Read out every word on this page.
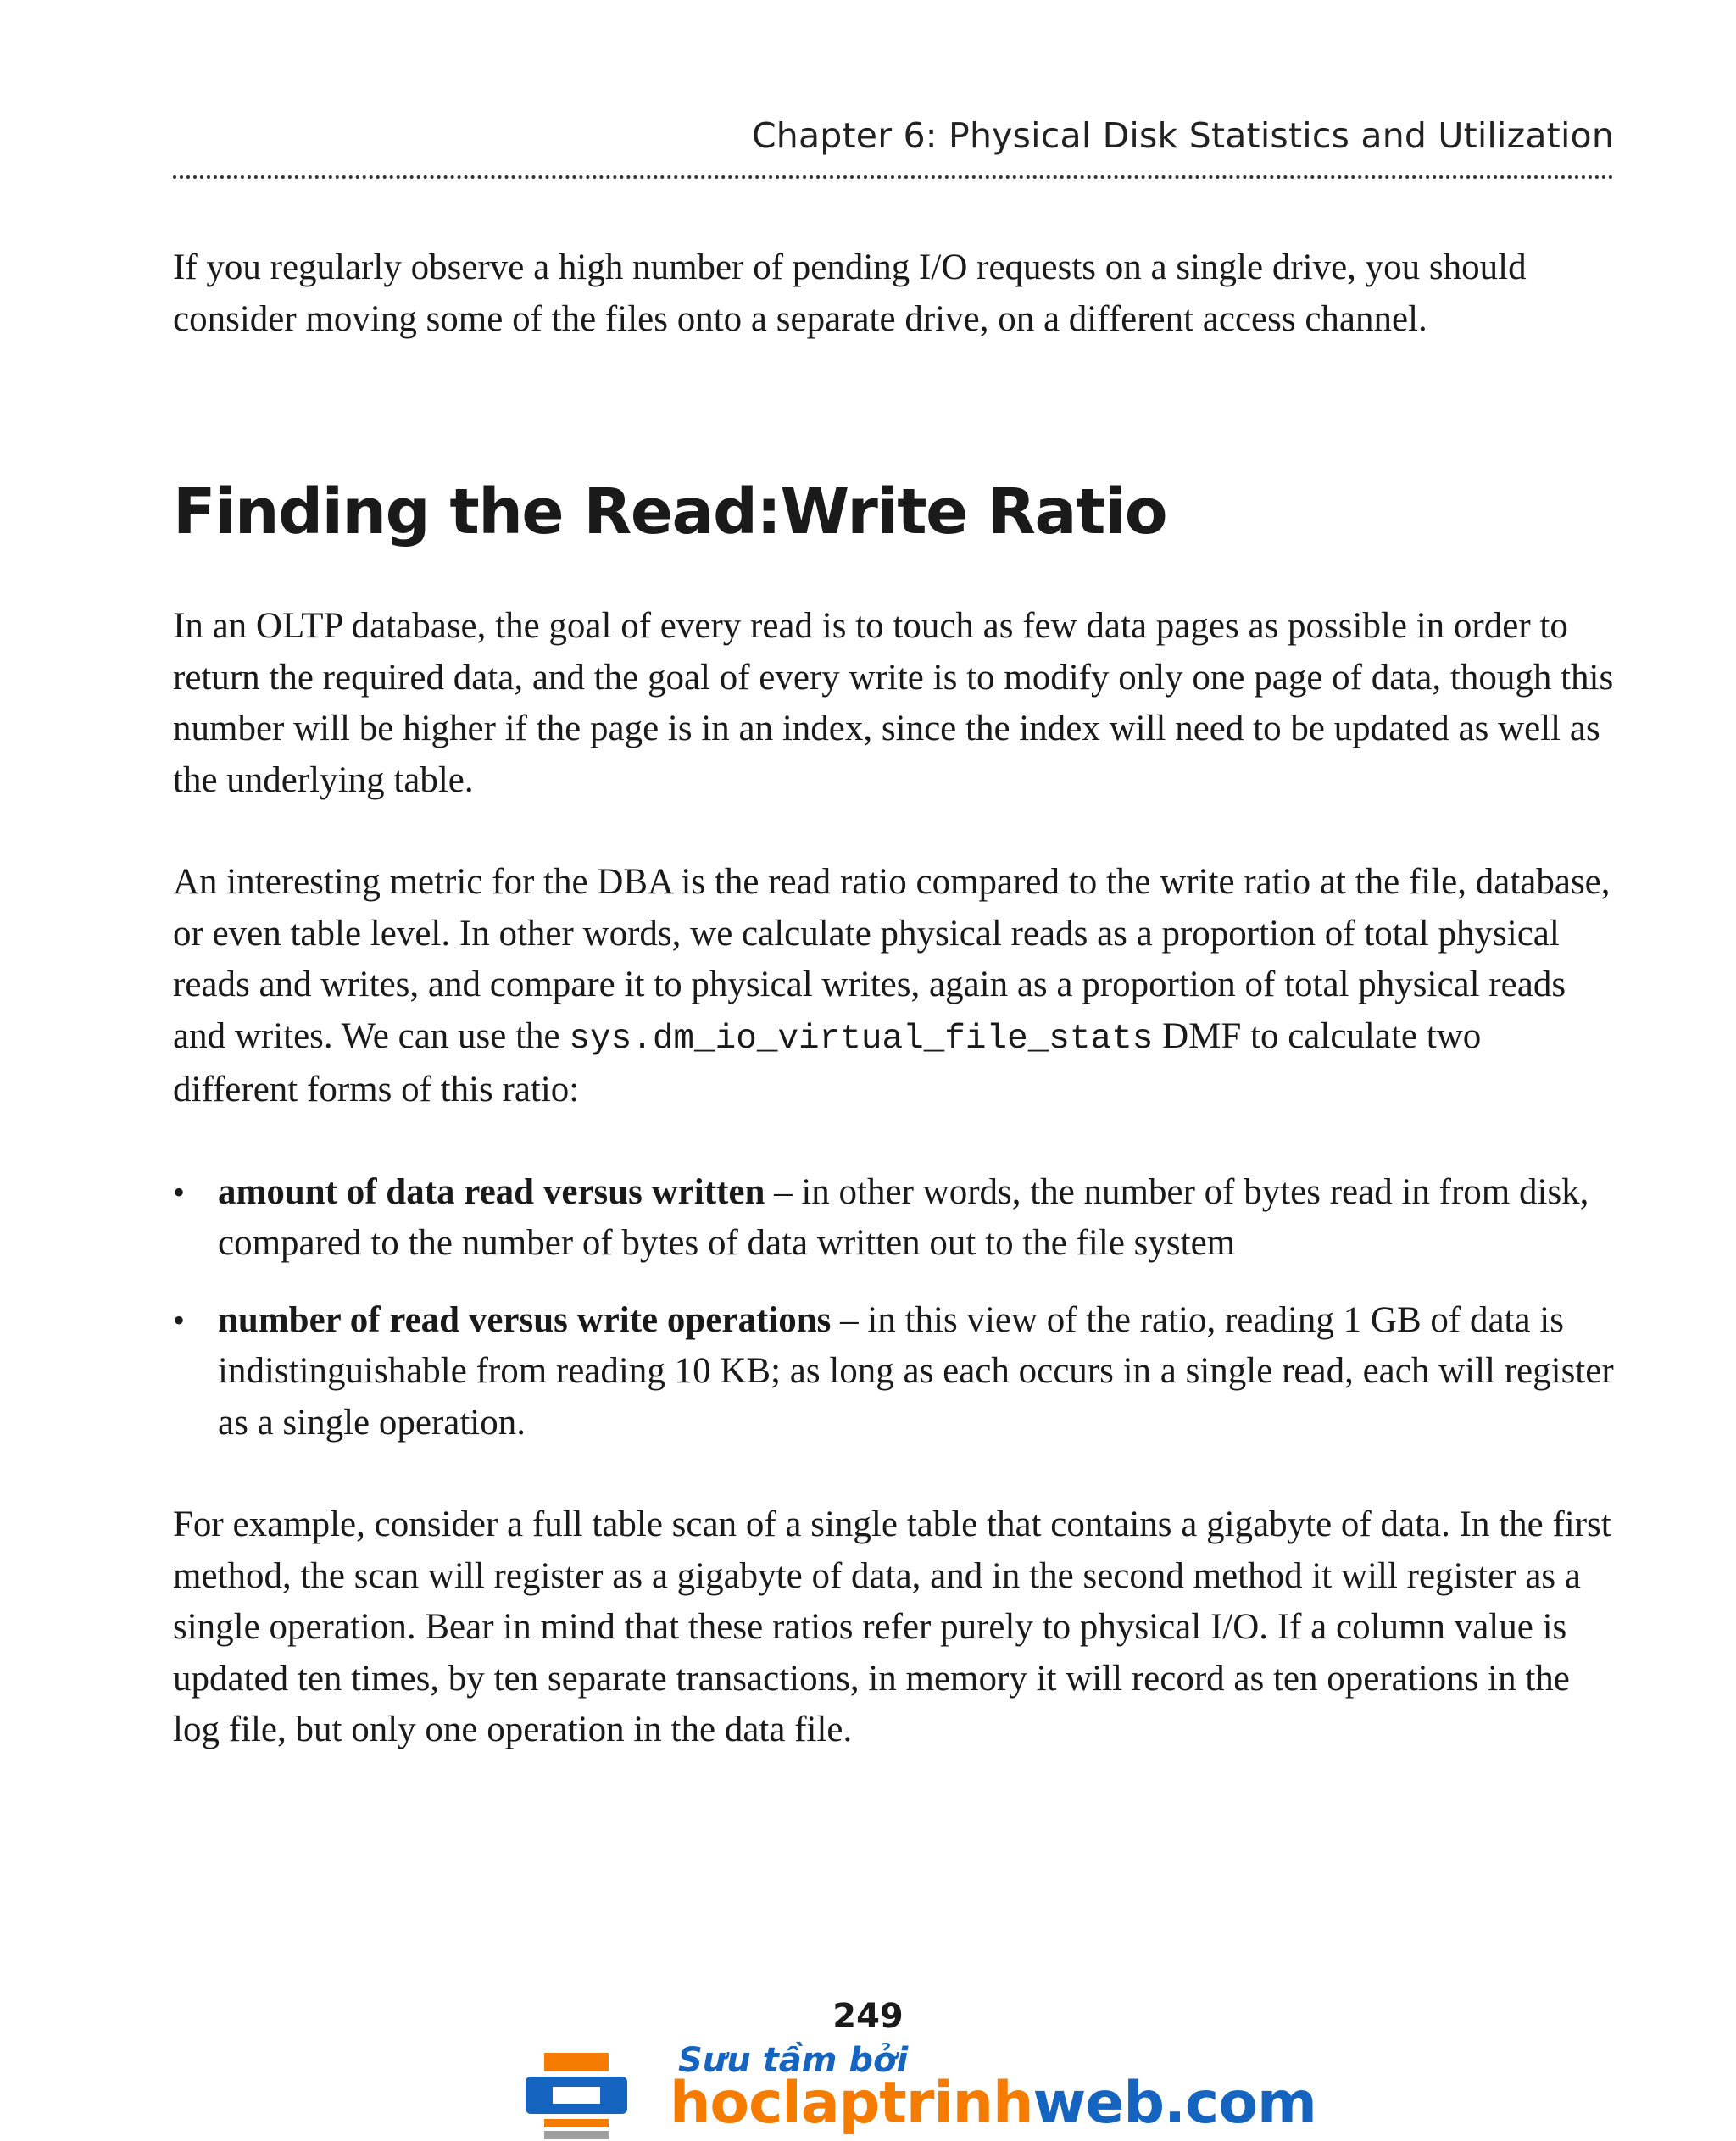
Chapter 6: Physical Disk Statistics and Utilization

If you regularly observe a high number of pending I/O requests on a single drive, you should consider moving some of the files onto a separate drive, on a different access channel.

Finding the Read:Write Ratio

In an OLTP database, the goal of every read is to touch as few data pages as possible in order to return the required data, and the goal of every write is to modify only one page of data, though this number will be higher if the page is in an index, since the index will need to be updated as well as the underlying table.

An interesting metric for the DBA is the read ratio compared to the write ratio at the file, database, or even table level. In other words, we calculate physical reads as a proportion of total physical reads and writes, and compare it to physical writes, again as a proportion of total physical reads and writes. We can use the sys.dm_io_virtual_file_stats DMF to calculate two different forms of this ratio:

• amount of data read versus written – in other words, the number of bytes read in from disk, compared to the number of bytes of data written out to the file system
• number of read versus write operations – in this view of the ratio, reading 1 GB of data is indistinguishable from reading 10 KB; as long as each occurs in a single read, each will register as a single operation.

For example, consider a full table scan of a single table that contains a gigabyte of data. In the first method, the scan will register as a gigabyte of data, and in the second method it will register as a single operation. Bear in mind that these ratios refer purely to physical I/O. If a column value is updated ten times, by ten separate transactions, in memory it will record as ten operations in the log file, but only one operation in the data file.

249
Sưu tầm bởi
hoclaptrinhweb.com
